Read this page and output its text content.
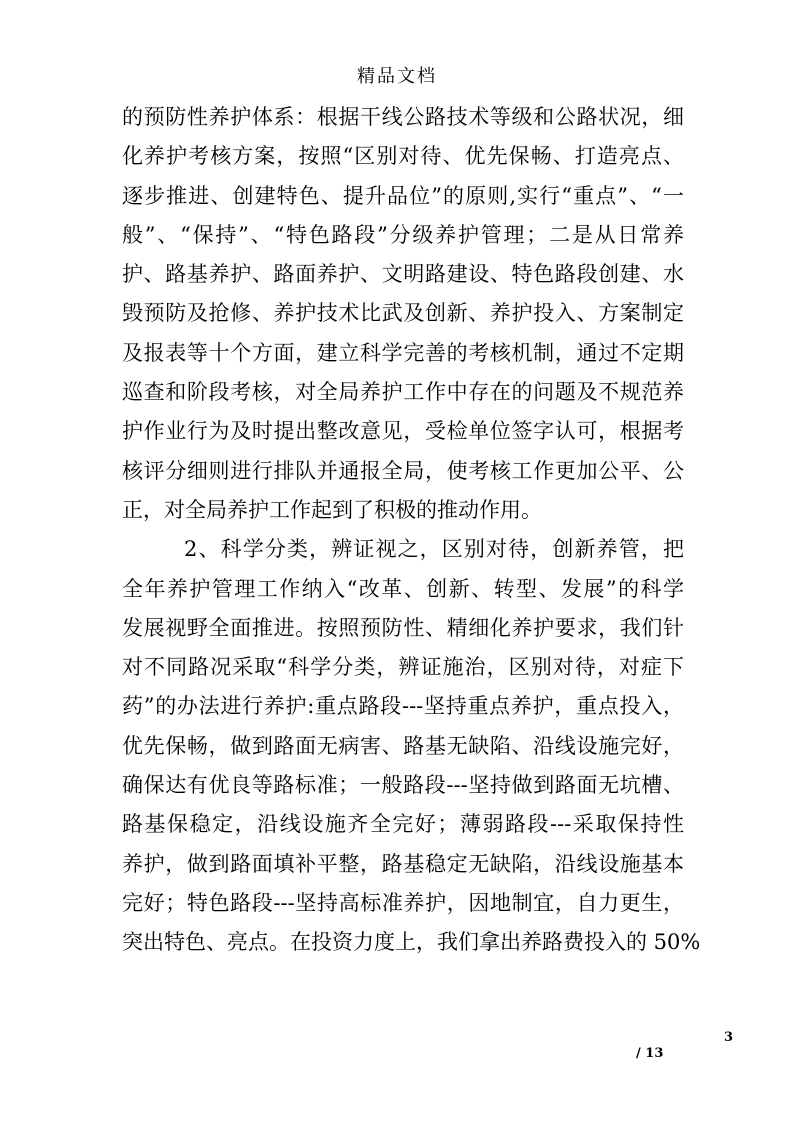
精品文档
的预防性养护体系：根据干线公路技术等级和公路状况，细
化养护考核方案，按照“区别对待、优先保畅、打造亮点、
逐步推进、创建特色、提升品位”的原则,实行“重点”、“一
般”、“保持”、“特色路段”分级养护管理；二是从日常养
护、路基养护、路面养护、文明路建设、特色路段创建、水
毁预防及抢修、养护技术比武及创新、养护投入、方案制定
及报表等十个方面，建立科学完善的考核机制，通过不定期
巡查和阶段考核，对全局养护工作中存在的问题及不规范养
护作业行为及时提出整改意见，受检单位签字认可，根据考
核评分细则进行排队并通报全局，使考核工作更加公平、公
正，对全局养护工作起到了积极的推动作用。
2、科学分类，辨证视之，区别对待，创新养管，把
全年养护管理工作纳入“改革、创新、转型、发展”的科学
发展视野全面推进。按照预防性、精细化养护要求，我们针
对不同路况采取“科学分类，辨证施治，区别对待，对症下
药”的办法进行养护:重点路段---坚持重点养护，重点投入，
优先保畅，做到路面无病害、路基无缺陷、沿线设施完好，
确保达有优良等路标准；一般路段---坚持做到路面无坑槽、
路基保稳定，沿线设施齐全完好；薄弱路段---采取保持性
养护，做到路面填补平整，路基稳定无缺陷，沿线设施基本
完好；特色路段---坚持高标准养护，因地制宜，自力更生，
突出特色、亮点。在投资力度上，我们拿出养路费投入的 50%
3
/ 13
